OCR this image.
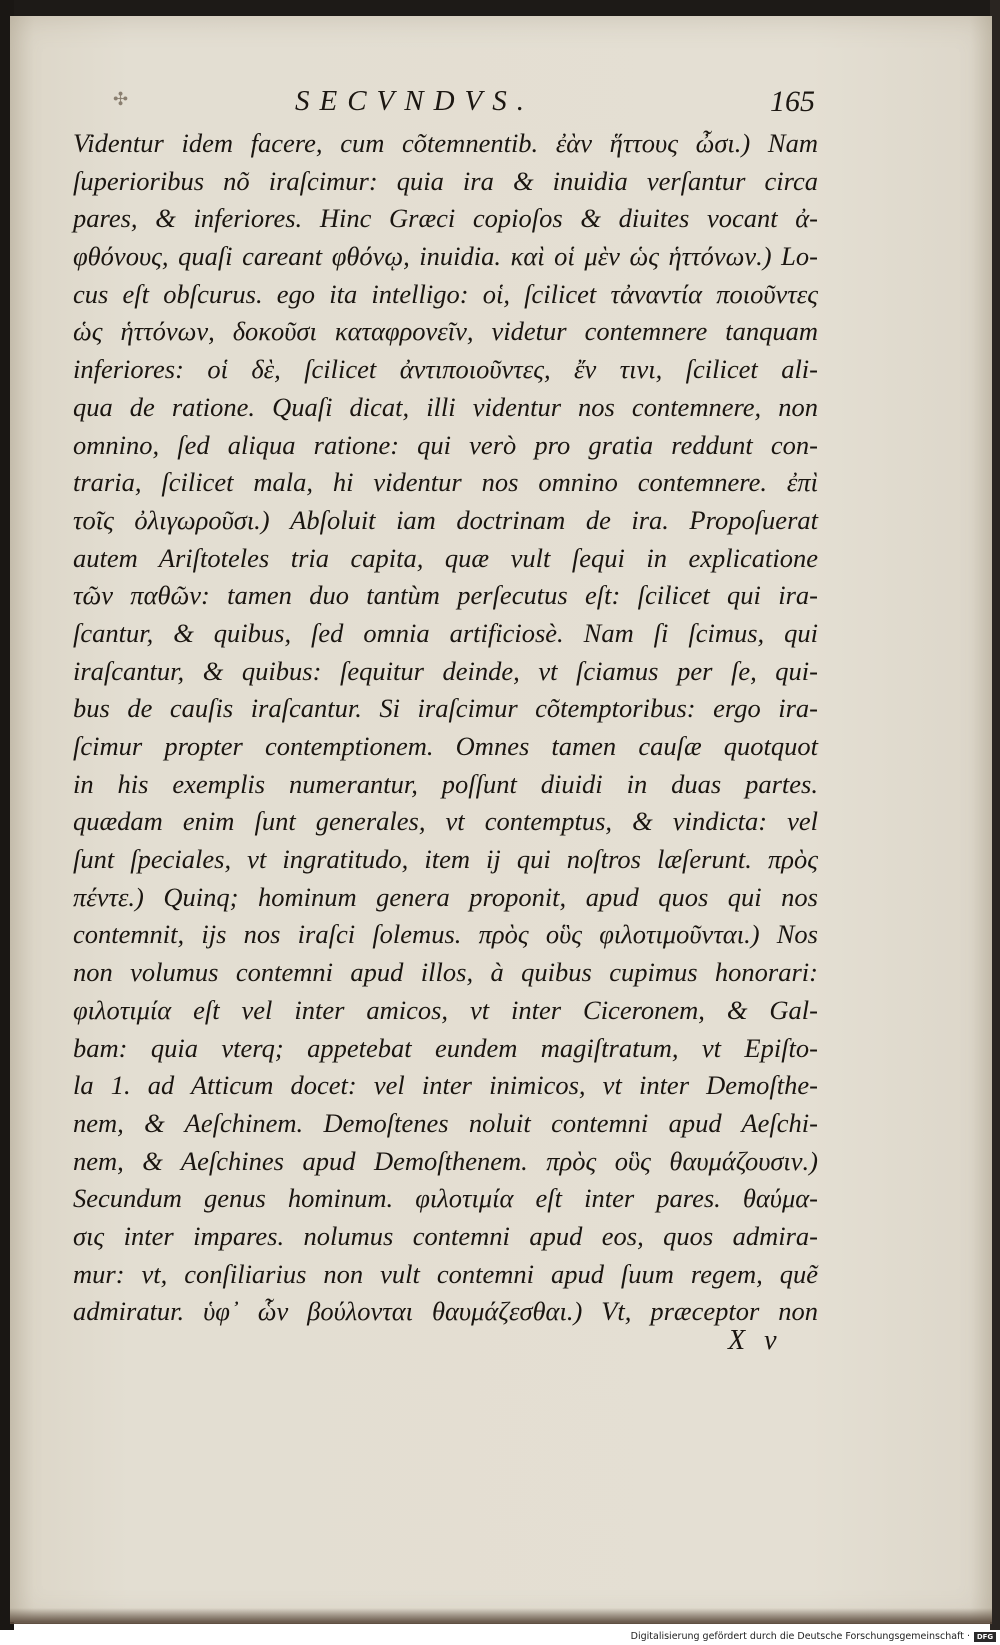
✣	SECVNDVS.	165
Videntur idem facere, cum cõtemnentib. ἐὰν ἥττους ὦσι.) Nam
ſuperioribus nõ iraſcimur: quia ira & inuidia verſantur circa
pares, & inferiores. Hinc Græci copioſos & diuites vocant ἀ-
φθόνους, quaſi careant φθόνῳ, inuidia. καὶ οἱ μὲν ὡς ἡττόνων.) Lo-
cus eſt obſcurus. ego ita intelligo: οἱ, ſcilicet τἀναντία ποιοῦντες
ὡς ἡττόνων, δοκοῦσι καταφρονεῖν, videtur contemnere tanquam
inferiores: οἱ δὲ, ſcilicet ἀντιποιοῦντες, ἔν τινι, ſcilicet ali-
qua de ratione. Quaſi dicat, illi videntur nos contemnere, non
omnino, ſed aliqua ratione: qui verò pro gratia reddunt con-
traria, ſcilicet mala, hi videntur nos omnino contemnere. ἐπὶ
τοῖς ὀλιγωροῦσι.) Abſoluit iam doctrinam de ira. Propoſuerat
autem Ariſtoteles tria capita, quæ vult ſequi in explicatione
τῶν παθῶν: tamen duo tantùm perſecutus eſt: ſcilicet qui ira-
ſcantur, & quibus, ſed omnia artificiosè. Nam ſi ſcimus, qui
iraſcantur, & quibus: ſequitur deinde, vt ſciamus per ſe, qui-
bus de cauſis iraſcantur. Si iraſcimur cõtemptoribus: ergo ira-
ſcimur propter contemptionem. Omnes tamen cauſæ quotquot
in his exemplis numerantur, poſſunt diuidi in duas partes.
quædam enim ſunt generales, vt contemptus, & vindicta: vel
ſunt ſpeciales, vt ingratitudo, item ij qui noſtros læſerunt. πρὸς
πέντε.) Quinq; hominum genera proponit, apud quos qui nos
contemnit, ijs nos iraſci ſolemus. πρὸς οὓς φιλοτιμοῦνται.) Nos
non volumus contemni apud illos, à quibus cupimus honorari:
φιλοτιμία eſt vel inter amicos, vt inter Ciceronem, & Gal-
bam: quia vterq; appetebat eundem magiſtratum, vt Epiſto-
la 1. ad Atticum docet: vel inter inimicos, vt inter Demoſthe-
nem, & Aeſchinem. Demoſtenes noluit contemni apud Aeſchi-
nem, & Aeſchines apud Demoſthenem. πρὸς οὓς θαυμάζουσιν.)
Secundum genus hominum. φιλοτιμία eſt inter pares. θαύμα-
σις inter impares. nolumus contemni apud eos, quos admira-
mur: vt, conſiliarius non vult contemni apud ſuum regem, quẽ
admiratur. ὑφ᾽ ὧν βούλονται θαυμάζεσθαι.) Vt, præceptor non
X v
Digitalisierung gefördert durch die Deutsche Forschungsgemeinschaft · DFG
